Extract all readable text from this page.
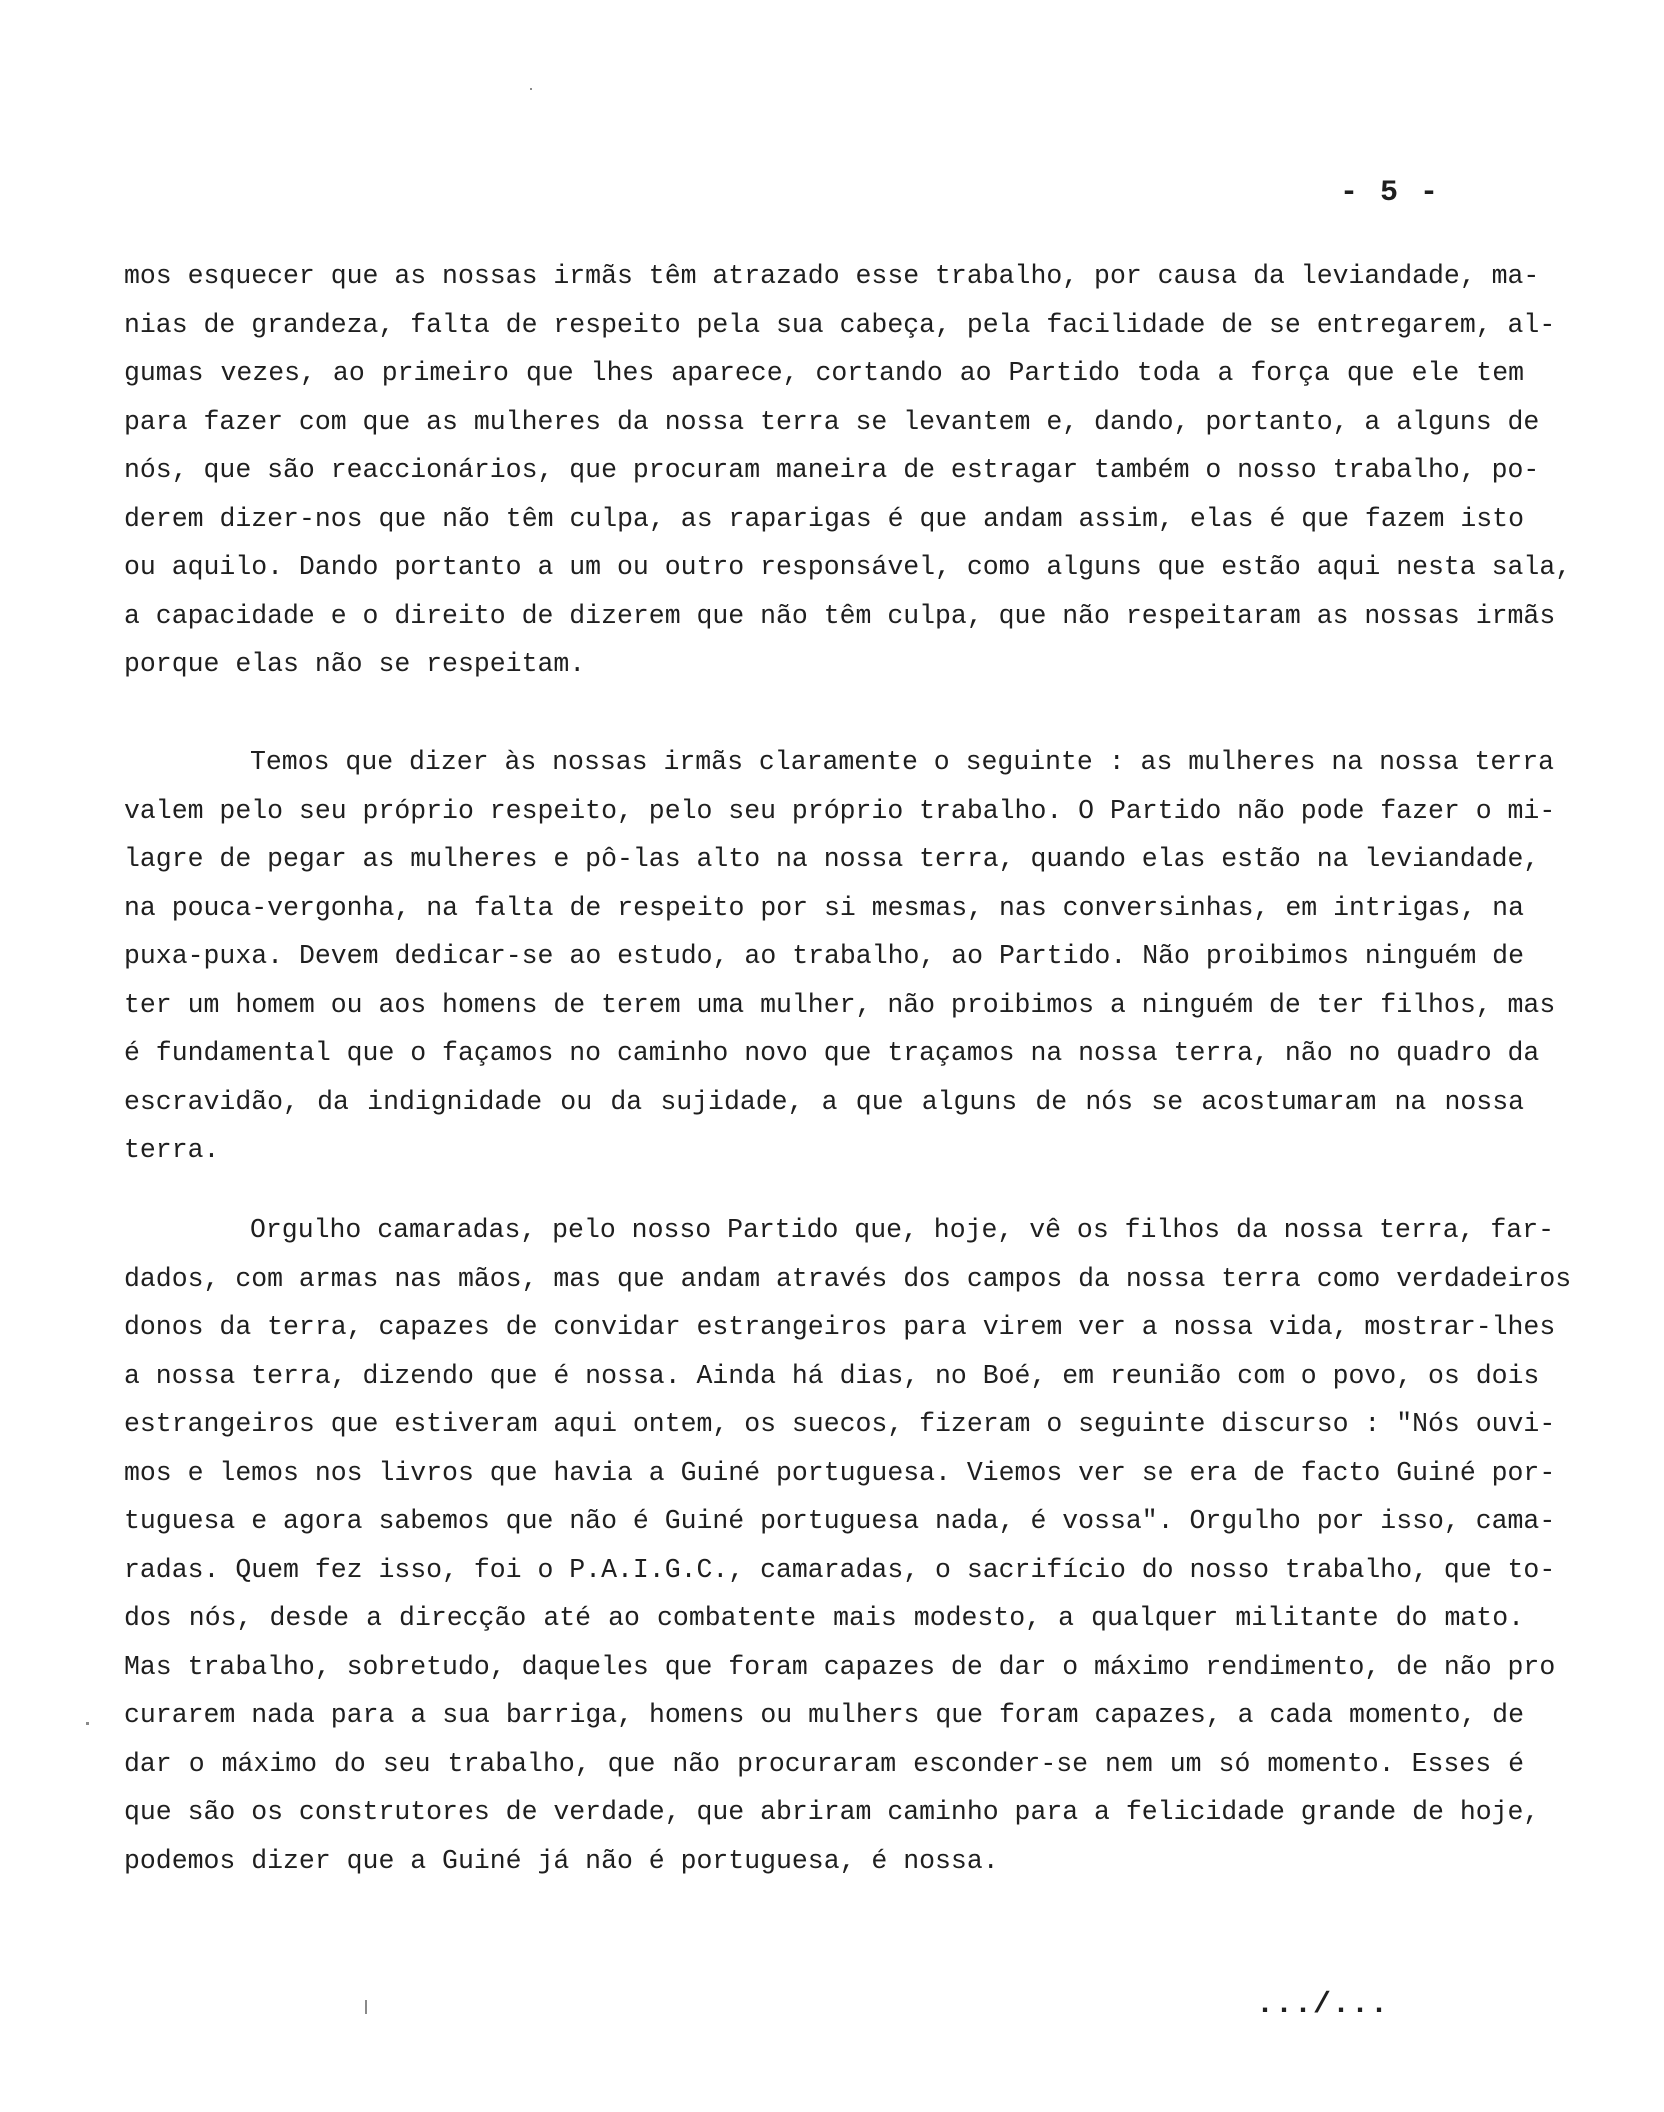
- 5 -

mos esquecer que as nossas irmãs têm atrazado esse trabalho, por causa da leviandade, ma-
nias de grandeza, falta de respeito pela sua cabeça, pela facilidade de se entregarem, al-
gumas vezes, ao primeiro que lhes aparece, cortando ao Partido toda a força que ele tem
para fazer com que as mulheres da nossa terra se levantem e, dando, portanto, a alguns de
nós, que são reaccionários, que procuram maneira de estragar também o nosso trabalho, po-
derem dizer-nos que não têm culpa, as raparigas é que andam assim, elas é que fazem isto
ou aquilo. Dando portanto a um ou outro responsável, como alguns que estão aqui nesta sala,
a capacidade e o direito de dizerem que não têm culpa, que não respeitaram as nossas irmãs
porque elas não se respeitam.

Temos que dizer às nossas irmãs claramente o seguinte : as mulheres na nossa terra
valem pelo seu próprio respeito, pelo seu próprio trabalho. O Partido não pode fazer o mi-
lagre de pegar as mulheres e pô-las alto na nossa terra, quando elas estão na leviandade,
na pouca-vergonha, na falta de respeito por si mesmas, nas conversinhas, em intrigas, na
puxa-puxa. Devem dedicar-se ao estudo, ao trabalho, ao Partido. Não proibimos ninguém de
ter um homem ou aos homens de terem uma mulher, não proibimos a ninguém de ter filhos, mas
é fundamental que o façamos no caminho novo que traçamos na nossa terra, não no quadro da
escravidão, da indignidade ou da sujidade, a que alguns de nós se acostumaram na nossa
terra.

Orgulho camaradas, pelo nosso Partido que, hoje, vê os filhos da nossa terra, far-
dados, com armas nas mãos, mas que andam através dos campos da nossa terra como verdadeiros
donos da terra, capazes de convidar estrangeiros para virem ver a nossa vida, mostrar-lhes
a nossa terra, dizendo que é nossa. Ainda há dias, no Boé, em reunião com o povo, os dois
estrangeiros que estiveram aqui ontem, os suecos, fizeram o seguinte discurso : "Nós ouvi-
mos e lemos nos livros que havia a Guiné portuguesa. Viemos ver se era de facto Guiné por-
tuguesa e agora sabemos que não é Guiné portuguesa nada, é vossa". Orgulho por isso, cama-
radas. Quem fez isso, foi o P.A.I.G.C., camaradas, o sacrifício do nosso trabalho, que to-
dos nós, desde a direcção até ao combatente mais modesto, a qualquer militante do mato.
Mas trabalho, sobretudo, daqueles que foram capazes de dar o máximo rendimento, de não pro
curarem nada para a sua barriga, homens ou mulhers que foram capazes, a cada momento, de
dar o máximo do seu trabalho, que não procuraram esconder-se nem um só momento. Esses é
que são os construtores de verdade, que abriram caminho para a felicidade grande de hoje,
podemos dizer que a Guiné já não é portuguesa, é nossa.

.../...
